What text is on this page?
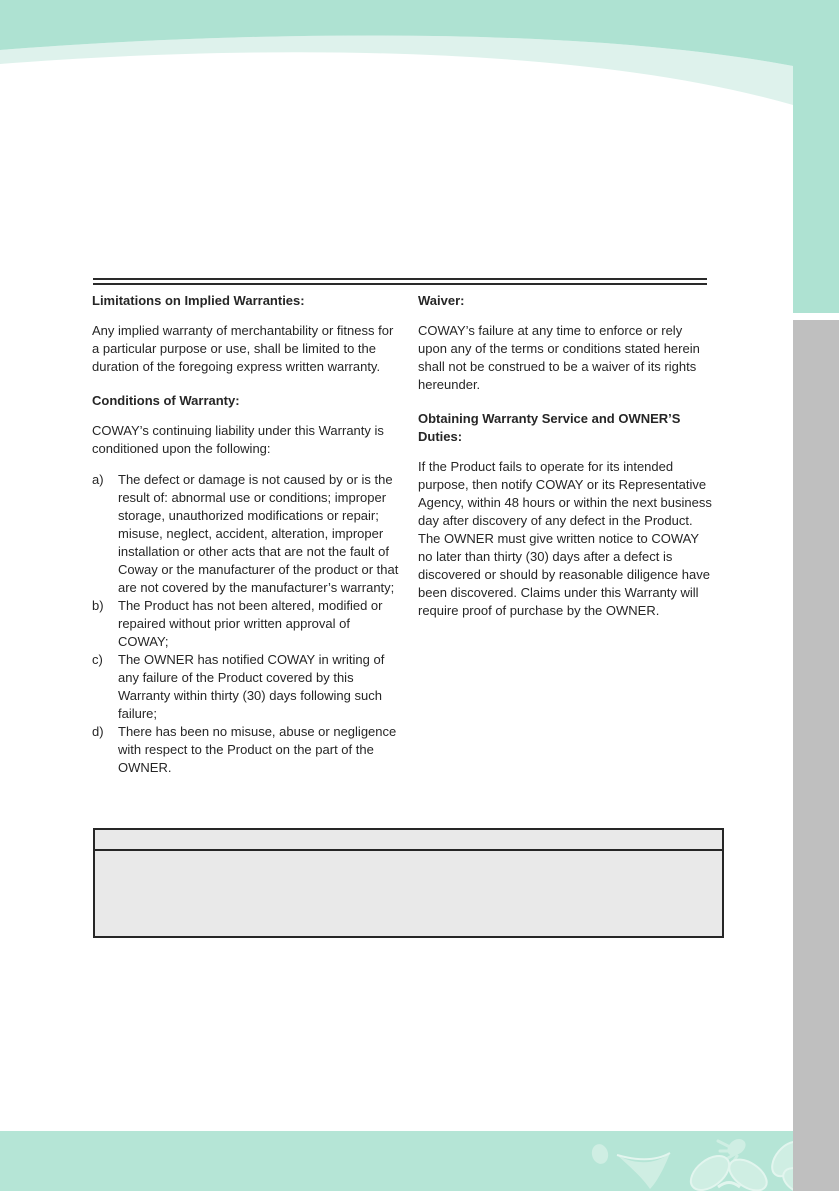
Limitations on Implied Warranties:

Any implied warranty of merchantability or fitness for a particular purpose or use, shall be limited to the duration of the foregoing express written warranty.

Conditions of Warranty:

COWAY’s continuing liability under this Warranty is conditioned upon the following:

a)	The defect or damage is not caused by or is the result of: abnormal use or conditions; improper storage, unauthorized modifications or repair; misuse, neglect, accident, alteration, improper installation or other acts that are not the fault of Coway or the manufacturer of the product or that are not covered by the manufacturer’s warranty;
b)	The Product has not been altered, modified or repaired without prior written approval of COWAY;
c)	The OWNER has notified COWAY in writing of any failure of the Product covered by this Warranty within thirty (30) days following such failure;
d)	There has been no misuse, abuse or negligence with respect to the Product on the part of the OWNER.
Waiver:

COWAY’s failure at any time to enforce or rely upon any of the terms or conditions stated herein shall not be construed to be a waiver of its rights hereunder.

Obtaining Warranty Service and OWNER’S Duties:

If the Product fails to operate for its intended purpose, then notify COWAY or its Representative Agency, within 48 hours or within the next business day after discovery of any defect in the Product. The OWNER must give written notice to COWAY no later than thirty (30) days after a defect is discovered or should by reasonable diligence have been discovered. Claims under this Warranty will require proof of purchase by the OWNER.
